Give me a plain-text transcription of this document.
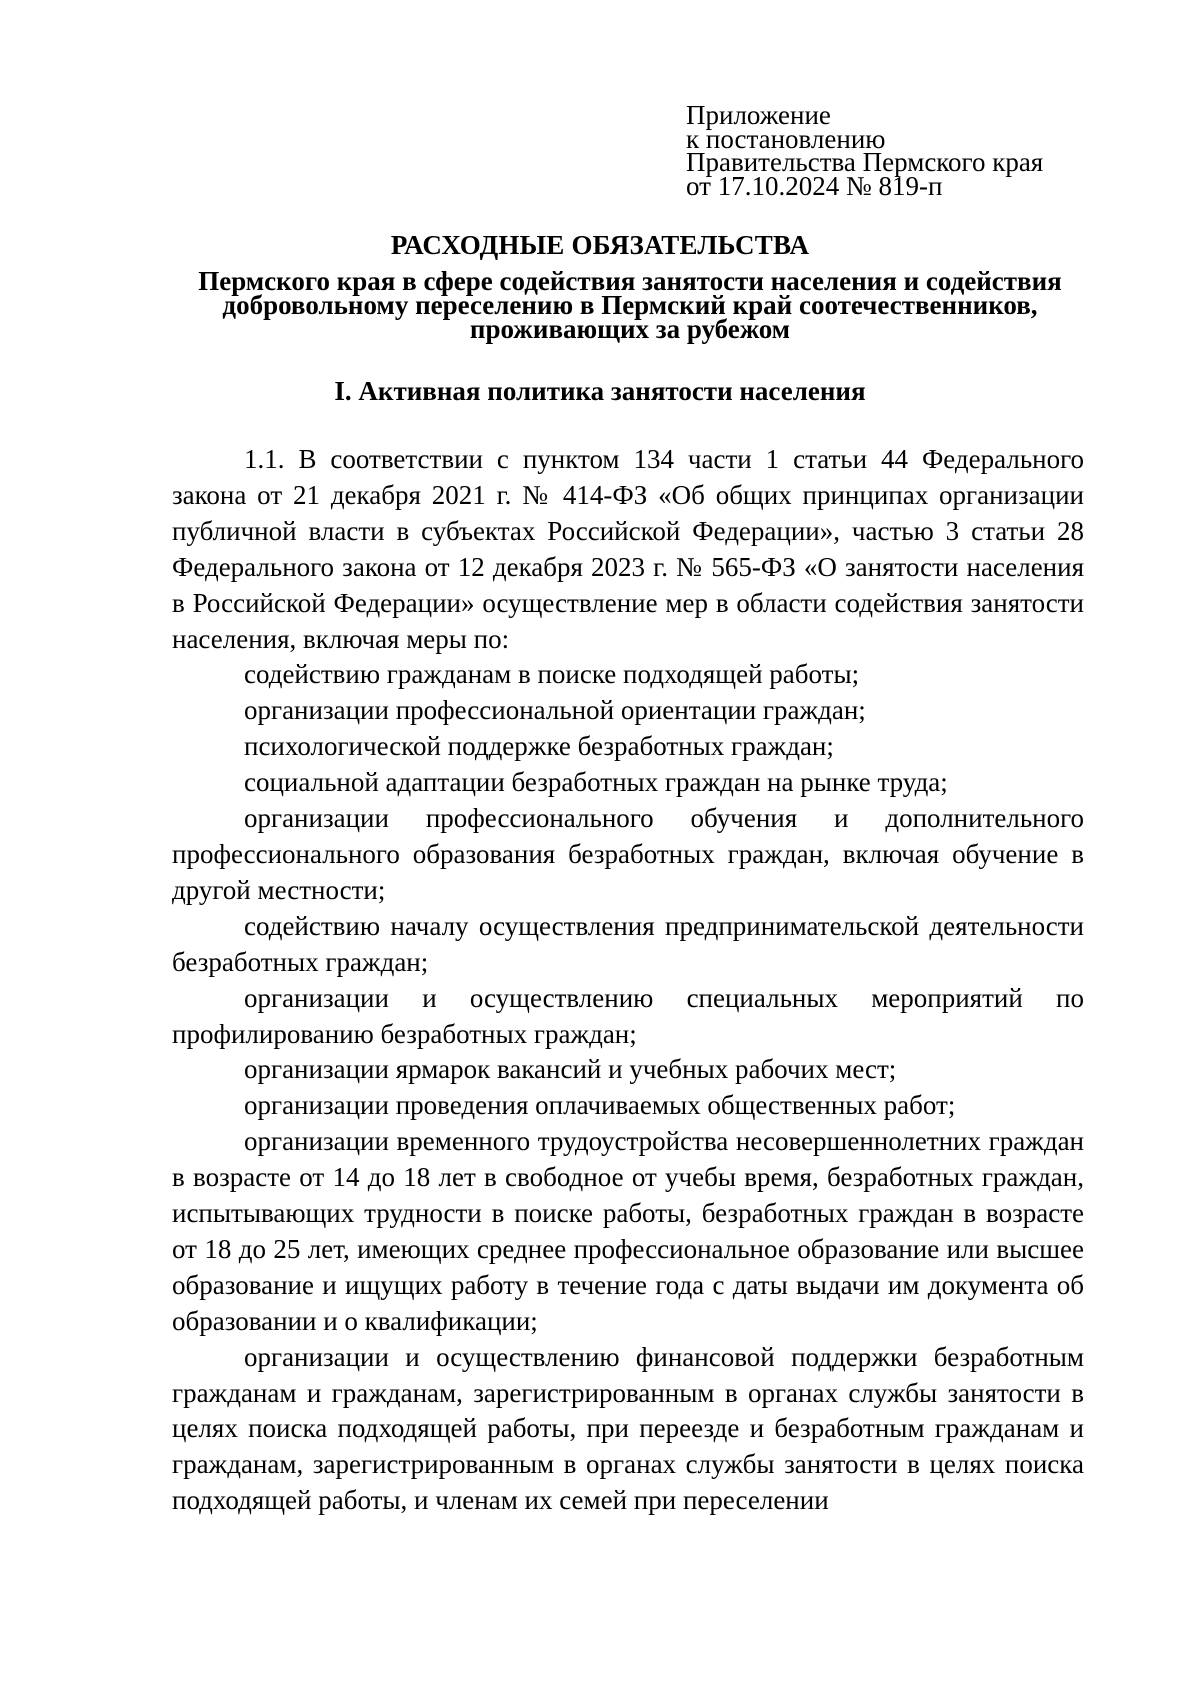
Приложение
к постановлению
Правительства Пермского края
от 17.10.2024 № 819-п
РАСХОДНЫЕ ОБЯЗАТЕЛЬСТВА
Пермского края в сфере содействия занятости населения и содействия
добровольному переселению в Пермский край соотечественников,
проживающих за рубежом
I. Активная политика занятости населения

1.1. В соответствии с пунктом 134 части 1 статьи 44 Федерального закона от 21 декабря 2021 г. № 414-ФЗ «Об общих принципах организации публичной власти в субъектах Российской Федерации», частью 3 статьи 28 Федерального закона от 12 декабря 2023 г. № 565-ФЗ «О занятости населения в Российской Федерации» осуществление мер в области содействия занятости населения, включая меры по:

содействию гражданам в поиске подходящей работы;

организации профессиональной ориентации граждан;

психологической поддержке безработных граждан;

социальной адаптации безработных граждан на рынке труда;

организации профессионального обучения и дополнительного профессионального образования безработных граждан, включая обучение в другой местности;

содействию началу осуществления предпринимательской деятельности безработных граждан;

организации и осуществлению специальных мероприятий по профилированию безработных граждан;

организации ярмарок вакансий и учебных рабочих мест;

организации проведения оплачиваемых общественных работ;

организации временного трудоустройства несовершеннолетних граждан в возрасте от 14 до 18 лет в свободное от учебы время, безработных граждан, испытывающих трудности в поиске работы, безработных граждан в возрасте от 18 до 25 лет, имеющих среднее профессиональное образование или высшее образование и ищущих работу в течение года с даты выдачи им документа об образовании и о квалификации;

организации и осуществлению финансовой поддержки безработным гражданам и гражданам, зарегистрированным в органах службы занятости в целях поиска подходящей работы, при переезде и безработным гражданам и гражданам, зарегистрированным в органах службы занятости в целях поиска подходящей работы, и членам их семей при переселении
